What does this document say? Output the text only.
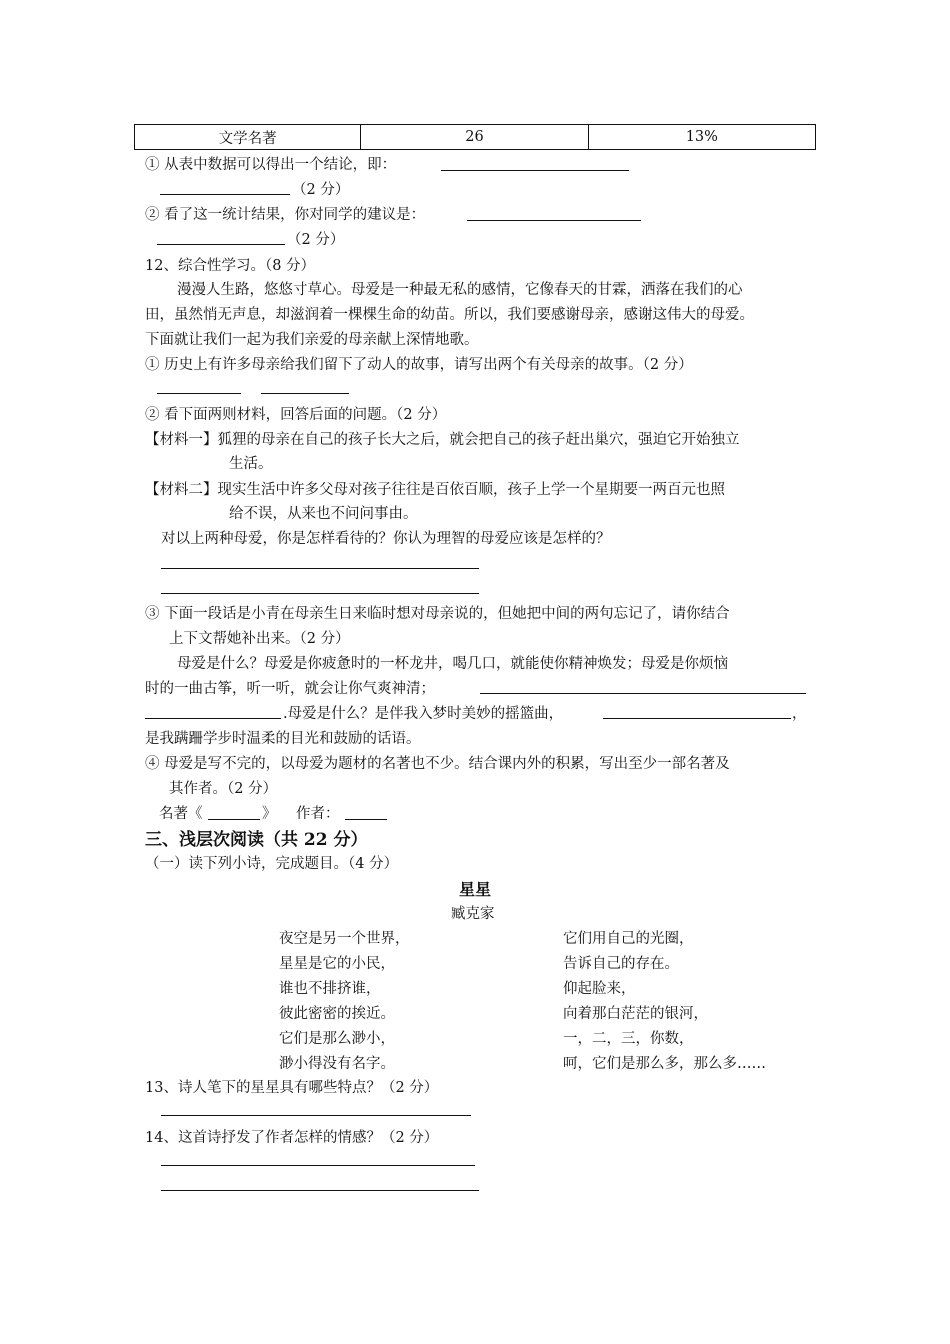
文学名著	26	13%
① 从表中数据可以得出一个结论，即：
（2 分）
② 看了这一统计结果，你对同学的建议是：
（2 分）
12、综合性学习。（8 分）
漫漫人生路，悠悠寸草心。母爱是一种最无私的感情，它像春天的甘霖，洒落在我们的心
田，虽然悄无声息，却滋润着一棵棵生命的幼苗。所以，我们要感谢母亲，感谢这伟大的母爱。
下面就让我们一起为我们亲爱的母亲献上深情地歌。
① 历史上有许多母亲给我们留下了动人的故事，请写出两个有关母亲的故事。（2 分）
② 看下面两则材料，回答后面的问题。（2 分）
【材料一】狐狸的母亲在自己的孩子长大之后，就会把自己的孩子赶出巢穴，强迫它开始独立
生活。
【材料二】现实生活中许多父母对孩子往往是百依百顺，孩子上学一个星期要一两百元也照
给不误，从来也不问问事由。
对以上两种母爱，你是怎样看待的？你认为理智的母爱应该是怎样的？
③ 下面一段话是小青在母亲生日来临时想对母亲说的，但她把中间的两句忘记了，请你结合
上下文帮她补出来。（2 分）
母爱是什么？母爱是你疲惫时的一杯龙井，喝几口，就能使你精神焕发；母爱是你烦恼
时的一曲古筝，听一听，就会让你气爽神清；
.母爱是什么？是伴我入梦时美妙的摇篮曲，	，
是我蹒跚学步时温柔的目光和鼓励的话语。
④ 母爱是写不完的，以母爱为题材的名著也不少。结合课内外的积累，写出至少一部名著及
其作者。（2 分）
名著《	》 作者：
三、浅层次阅读（共 22 分）
（一）读下列小诗，完成题目。（4 分）
星星
臧克家
夜空是另一个世界，
星星是它的小民，
谁也不排挤谁，
彼此密密的挨近。
它们是那么渺小，
渺小得没有名字。
它们用自己的光圈，
告诉自己的存在。
仰起脸来，
向着那白茫茫的银河，
一，二，三，你数，
呵，它们是那么多，那么多……
13、诗人笔下的星星具有哪些特点？（2 分）
14、这首诗抒发了作者怎样的情感？（2 分）
